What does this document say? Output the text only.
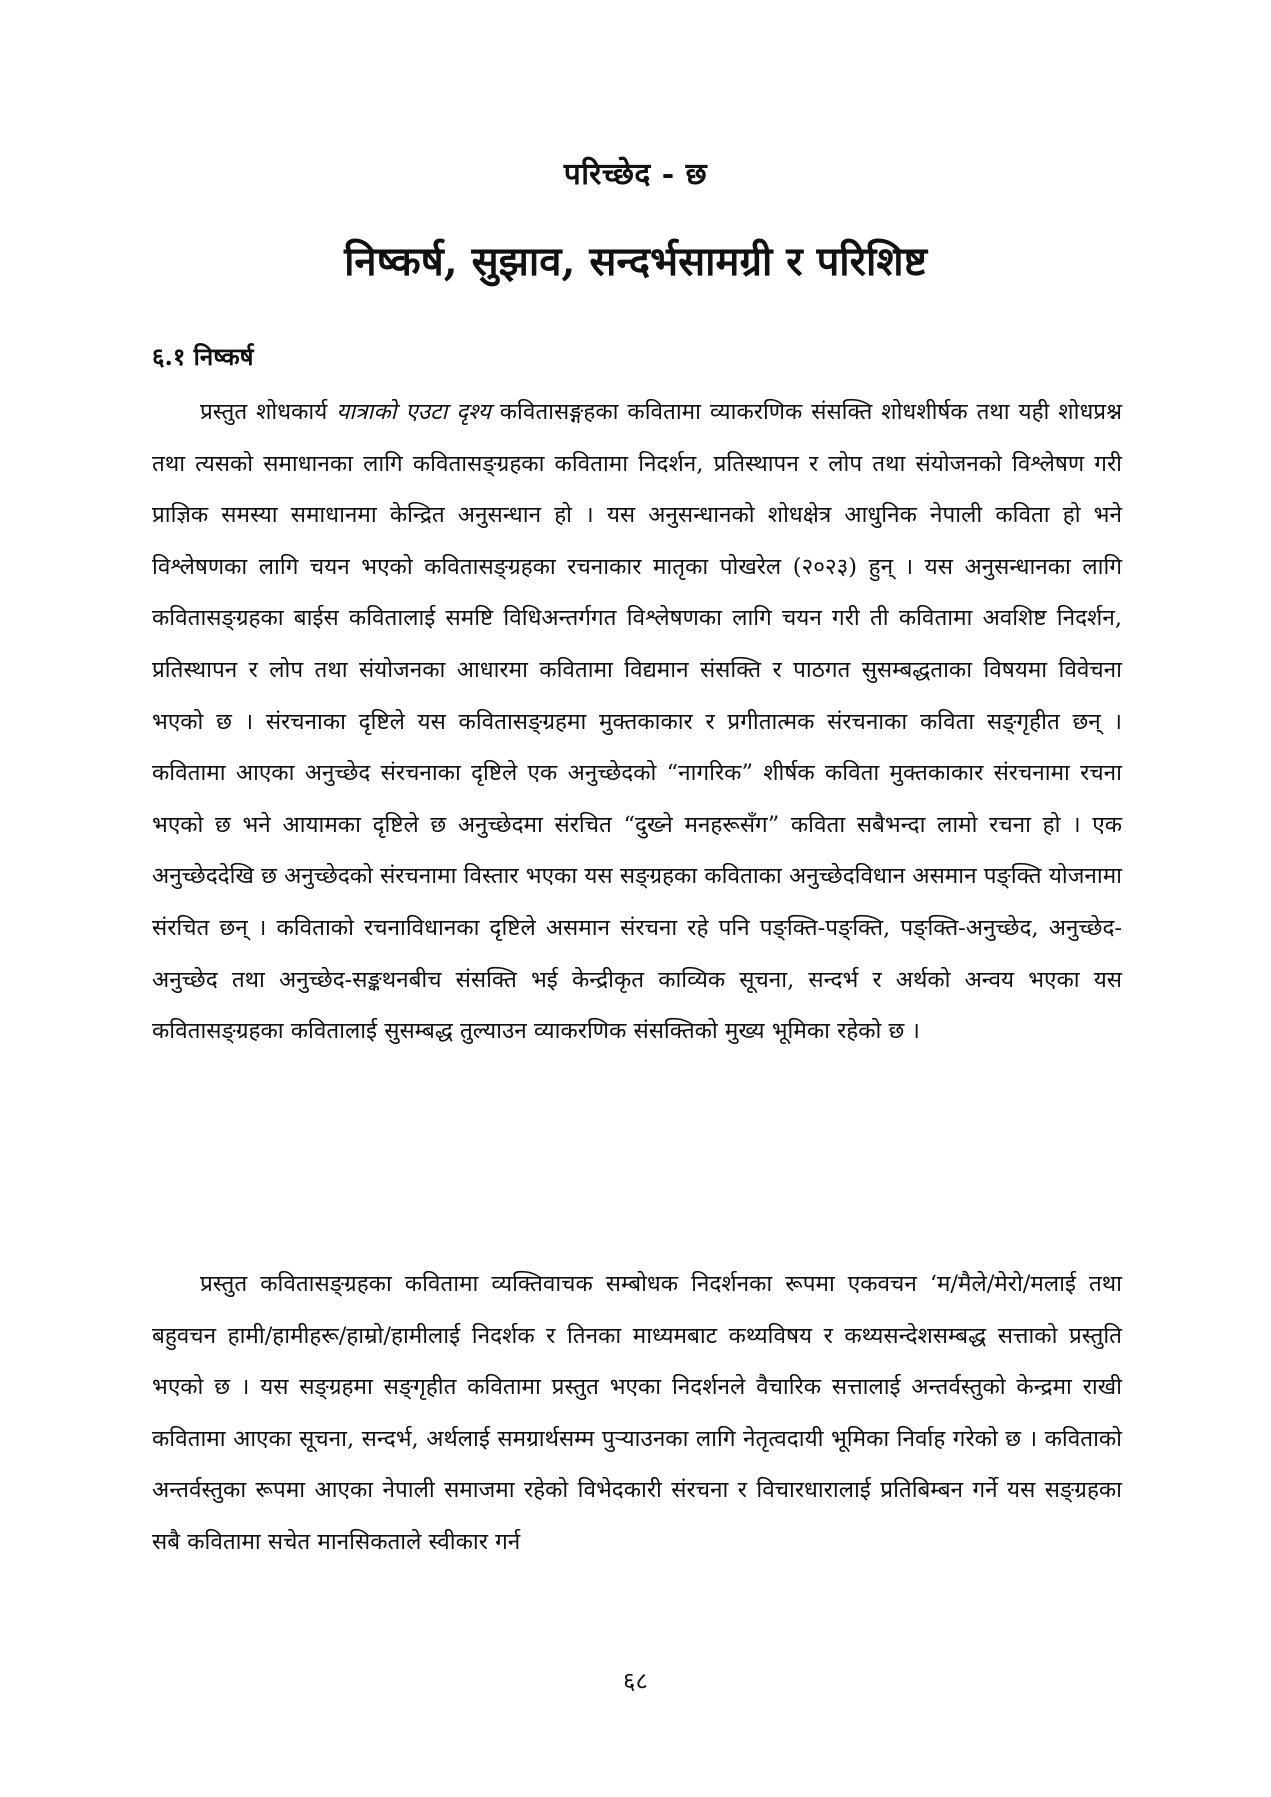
परिच्छेद - छ
निष्कर्ष, सुझाव, सन्दर्भसामग्री र परिशिष्ट
६.१ निष्कर्ष

प्रस्तुत शोधकार्य यात्राको एउटा दृश्य कवितासङ्गहका कवितामा व्याकरणिक संसक्ति शोधशीर्षक तथा यही शोधप्रश्न तथा त्यसको समाधानका लागि कवितासङ्ग्रहका कवितामा निदर्शन, प्रतिस्थापन र लोप तथा संयोजनको विश्लेषण गरी प्राज्ञिक समस्या समाधानमा केन्द्रित अनुसन्धान हो । यस अनुसन्धानको शोधक्षेत्र आधुनिक नेपाली कविता हो भने विश्लेषणका लागि चयन भएको कवितासङ्ग्रहका रचनाकार मातृका पोखरेल (२०२३) हुन् । यस अनुसन्धानका लागि कवितासङ्ग्रहका बाईस कवितालाई समष्टि विधिअन्तर्गगत विश्लेषणका लागि चयन गरी ती कवितामा अवशिष्ट निदर्शन, प्रतिस्थापन र लोप तथा संयोजनका आधारमा कवितामा विद्यमान संसक्ति र पाठगत सुसम्बद्धताका विषयमा विवेचना भएको छ । संरचनाका दृष्टिले यस कवितासङ्ग्रहमा मुक्तकाकार र प्रगीतात्मक संरचनाका कविता सङ्गृहीत छन् । कवितामा आएका अनुच्छेद संरचनाका दृष्टिले एक अनुच्छेदको “नागरिक” शीर्षक कविता मुक्तकाकार संरचनामा रचना भएको छ भने आयामका दृष्टिले छ अनुच्छेदमा संरचित “दुख्ने मनहरूसँग” कविता सबैभन्दा लामो रचना हो । एक अनुच्छेददेखि छ अनुच्छेदको संरचनामा विस्तार भएका यस सङ्ग्रहका कविताका अनुच्छेदविधान असमान पङ्क्ति योजनामा संरचित छन् । कविताको रचनाविधानका दृष्टिले असमान संरचना रहे पनि पङ्क्ति-पङ्क्ति, पङ्क्ति-अनुच्छेद, अनुच्छेद-अनुच्छेद तथा अनुच्छेद-सङ्कथनबीच संसक्ति भई केन्द्रीकृत काव्यिक सूचना, सन्दर्भ र अर्थको अन्वय भएका यस कवितासङ्ग्रहका कवितालाई सुसम्बद्ध तुल्याउन व्याकरणिक संसक्तिको मुख्य भूमिका रहेको छ ।

प्रस्तुत कवितासङ्ग्रहका कवितामा व्यक्तिवाचक सम्बोधक निदर्शनका रूपमा एकवचन ‘म/मैले/मेरो/मलाई तथा बहुवचन हामी/हामीहरू/हाम्रो/हामीलाई निदर्शक र तिनका माध्यमबाट कथ्यविषय र कथ्यसन्देशसम्बद्ध सत्ताको प्रस्तुति भएको छ । यस सङ्ग्रहमा सङ्गृहीत कवितामा प्रस्तुत भएका निदर्शनले वैचारिक सत्तालाई अन्तर्वस्तुको केन्द्रमा राखी कवितामा आएका सूचना, सन्दर्भ, अर्थलाई समग्रार्थसम्म पुऱ्याउनका लागि नेतृत्वदायी भूमिका निर्वाह गरेको छ । कविताको अन्तर्वस्तुका रूपमा आएका नेपाली समाजमा रहेको विभेदकारी संरचना र विचारधारालाई प्रतिबिम्बन गर्ने यस सङ्ग्रहका सबै कवितामा सचेत मानसिकताले स्वीकार गर्न

६८
